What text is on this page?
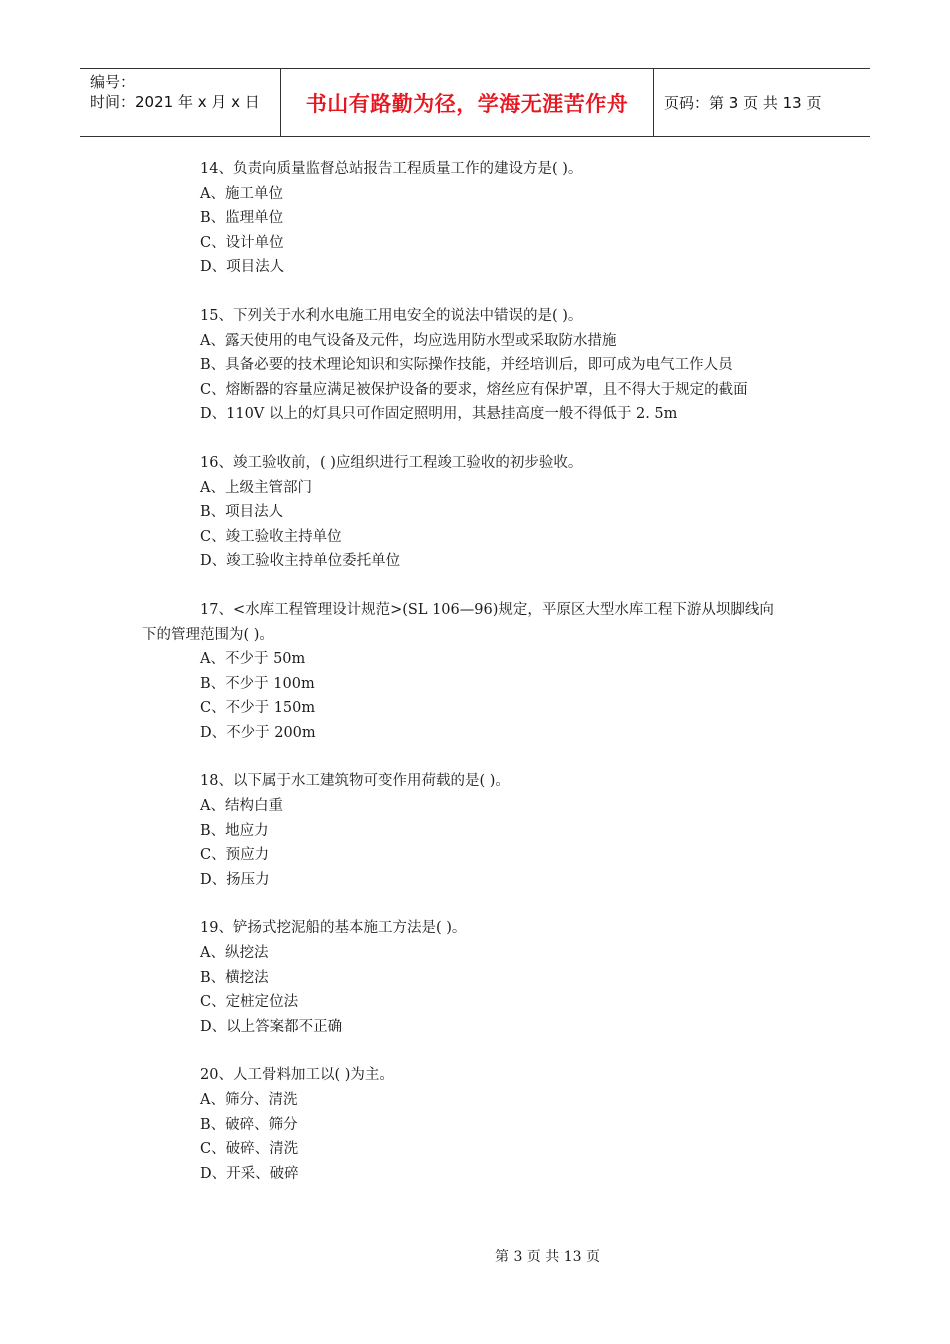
编号：
时间：2021 年 x 月 x 日	书山有路勤为径，学海无涯苦作舟 页码：第 3 页 共 13 页
14、负责向质量监督总站报告工程质量工作的建设方是( )。
A、施工单位
B、监理单位
C、设计单位
D、项目法人
15、下列关于水利水电施工用电安全的说法中错误的是( )。
A、露天使用的电气设备及元件，均应选用防水型或采取防水措施
B、具备必要的技术理论知识和实际操作技能，并经培训后，即可成为电气工作人员
C、熔断器的容量应满足被保护设备的要求，熔丝应有保护罩，且不得大于规定的截面
D、110V 以上的灯具只可作固定照明用，其悬挂高度一般不得低于 2. 5m
16、竣工验收前，( )应组织进行工程竣工验收的初步验收。
A、上级主管部门
B、项目法人
C、竣工验收主持单位
D、竣工验收主持单位委托单位
17、<水库工程管理设计规范>(SL 106—96)规定，平原区大型水库工程下游从坝脚线向
下的管理范围为( )。
A、不少于 50m
B、不少于 100m
C、不少于 150m
D、不少于 200m
18、以下属于水工建筑物可变作用荷载的是( )。
A、结构白重
B、地应力
C、预应力
D、扬压力
19、铲扬式挖泥船的基本施工方法是( )。
A、纵挖法
B、横挖法
C、定桩定位法
D、以上答案都不正确
20、人工骨料加工以( )为主。
A、筛分、清洗
B、破碎、筛分
C、破碎、清洗
D、开采、破碎
第 3 页 共 13 页
